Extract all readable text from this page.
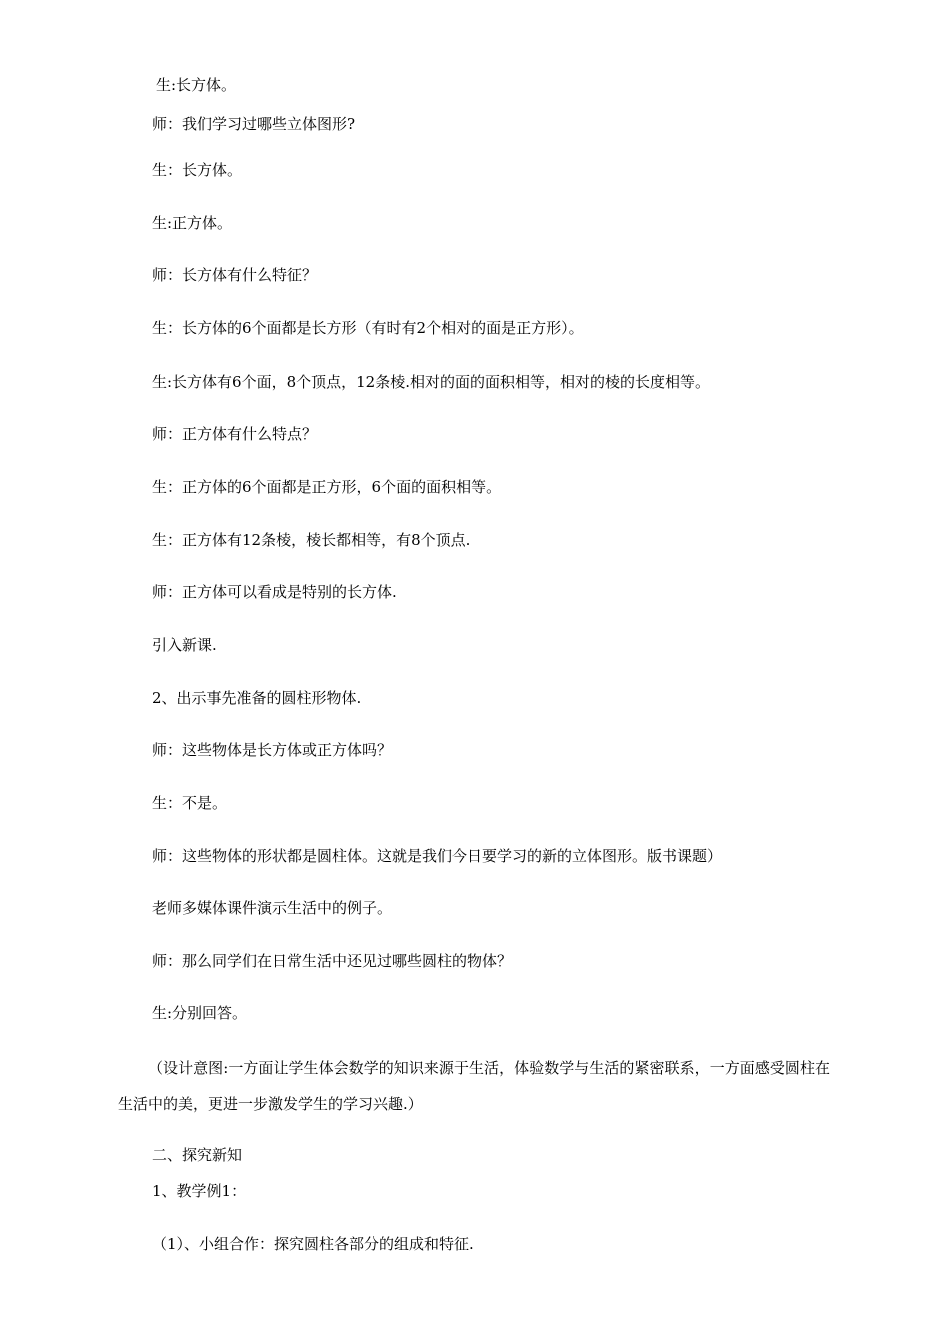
生:长方体。
师：我们学习过哪些立体图形?
生：长方体。
生:正方体。
师：长方体有什么特征？
生：长方体的6个面都是长方形（有时有2个相对的面是正方形）。
生:长方体有6个面，8个顶点，12条棱.相对的面的面积相等，相对的棱的长度相等。
师：正方体有什么特点？
生：正方体的6个面都是正方形，6个面的面积相等。
生：正方体有12条棱，棱长都相等，有8个顶点.
师：正方体可以看成是特别的长方体.
引入新课.
2、出示事先准备的圆柱形物体.
师：这些物体是长方体或正方体吗？
生：不是。
师：这些物体的形状都是圆柱体。这就是我们今日要学习的新的立体图形。版书课题）
老师多媒体课件演示生活中的例子。
师：那么同学们在日常生活中还见过哪些圆柱的物体？
生:分别回答。
（设计意图:一方面让学生体会数学的知识来源于生活，体验数学与生活的紧密联系，一方面感受圆柱在生活中的美，更进一步激发学生的学习兴趣.）
二、探究新知
1、教学例1：
（1）、小组合作：探究圆柱各部分的组成和特征.
